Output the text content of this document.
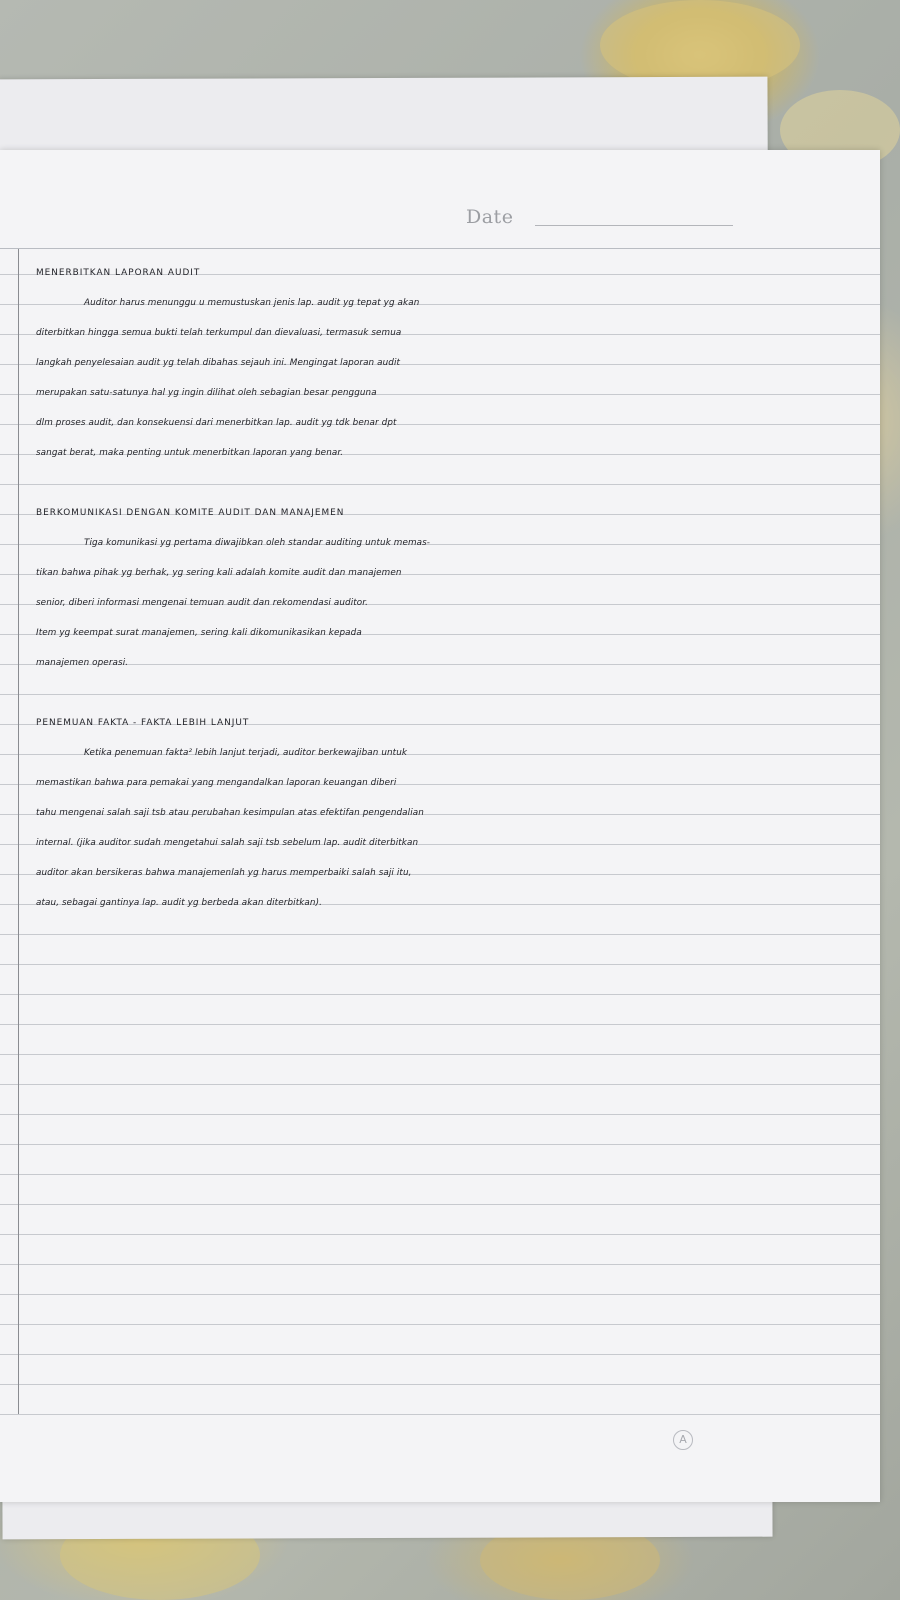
Date
MENERBITKAN LAPORAN AUDIT
Auditor harus menunggu u memustuskan jenis lap. audit yg tepat yg akan
diterbitkan hingga semua bukti telah terkumpul dan dievaluasi, termasuk semua
langkah penyelesaian audit yg telah dibahas sejauh ini. Mengingat laporan audit
merupakan satu-satunya hal yg ingin dilihat oleh sebagian besar pengguna
dlm proses audit, dan konsekuensi dari menerbitkan lap. audit yg tdk benar dpt
sangat berat, maka penting untuk menerbitkan laporan yang benar.
BERKOMUNIKASI DENGAN KOMITE AUDIT DAN MANAJEMEN
Tiga komunikasi yg pertama diwajibkan oleh standar auditing untuk memas-
tikan bahwa pihak yg berhak, yg sering kali adalah komite audit dan manajemen
senior, diberi informasi mengenai temuan audit dan rekomendasi auditor.
Item yg keempat surat manajemen, sering kali dikomunikasikan kepada
manajemen operasi.
PENEMUAN FAKTA - FAKTA LEBIH LANJUT
Ketika penemuan fakta² lebih lanjut terjadi, auditor berkewajiban untuk
memastikan bahwa para pemakai yang mengandalkan laporan keuangan diberi
tahu mengenai salah saji tsb atau perubahan kesimpulan atas efektifan pengendalian
internal. (jika auditor sudah mengetahui salah saji tsb sebelum lap. audit diterbitkan
auditor akan bersikeras bahwa manajemenlah yg harus memperbaiki salah saji itu,
atau, sebagai gantinya lap. audit yg berbeda akan diterbitkan).
A
